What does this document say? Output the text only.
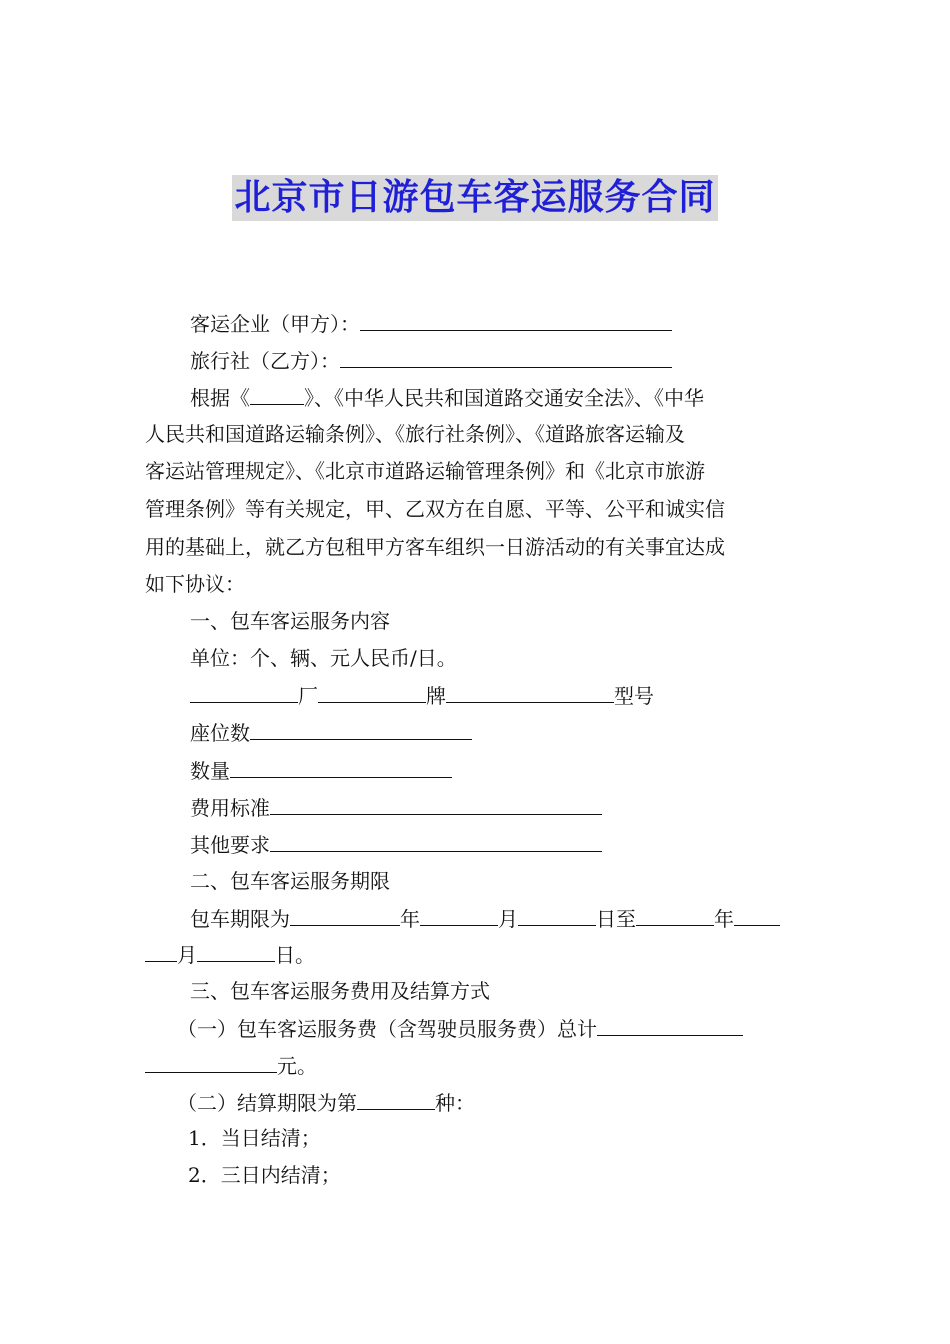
北京市日游包车客运服务合同
客运企业（甲方）：
旅行社（乙方）：
根据《	》、《中华人民共和国道路交通安全法》、《中华
人民共和国道路运输条例》、《旅行社条例》、《道路旅客运输及
客运站管理规定》、《北京市道路运输管理条例》和《北京市旅游
管理条例》等有关规定，甲、乙双方在自愿、平等、公平和诚实信
用的基础上，就乙方包租甲方客车组织一日游活动的有关事宜达成
如下协议：
一、包车客运服务内容
单位：个、辆、元人民币/日。
厂	牌	型号
座位数
数量
费用标准
其他要求
二、包车客运服务期限
包车期限为	年	月	日至	年
月	日。
三、包车客运服务费用及结算方式
（一）包车客运服务费（含驾驶员服务费）总计
元。
（二）结算期限为第	种：
1．当日结清；
2．三日内结清；
